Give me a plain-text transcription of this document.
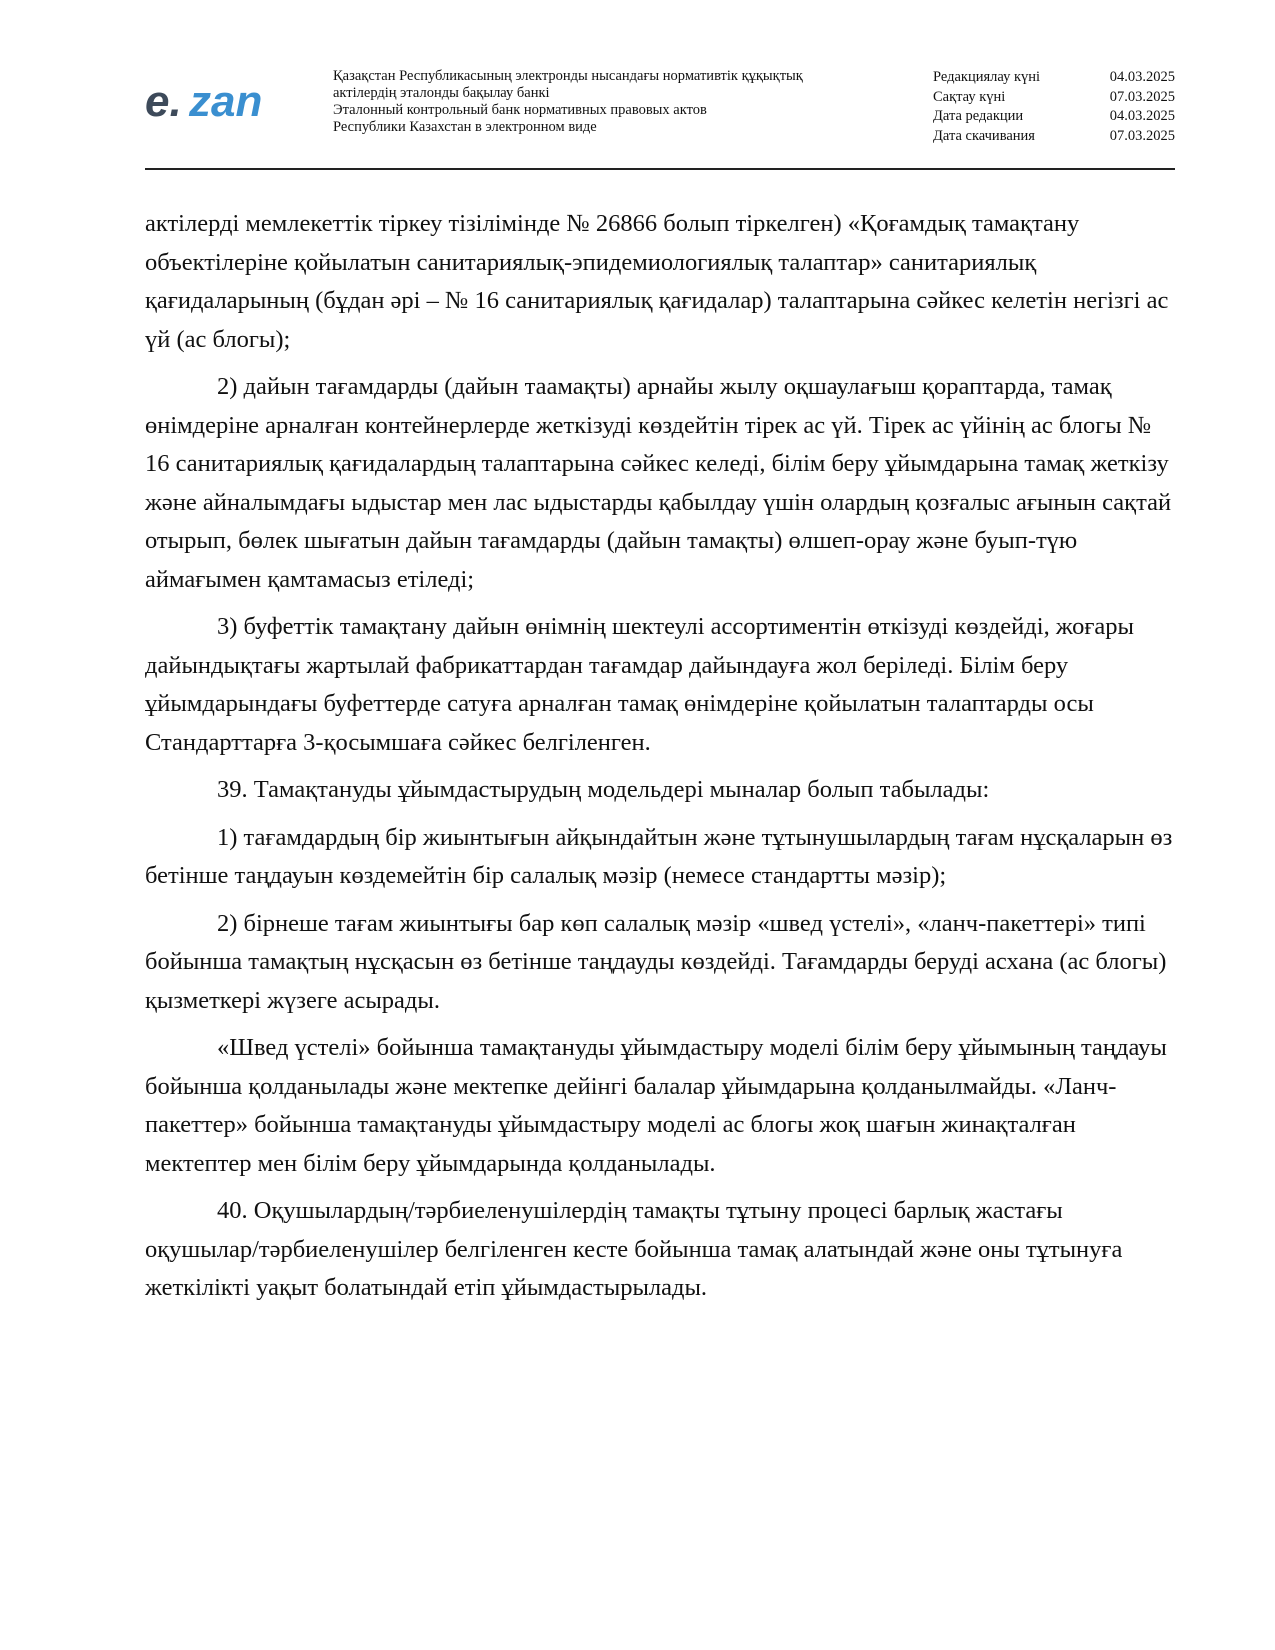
e. zan
Қазақстан Республикасының электронды нысандағы нормативтік құқықтық
актілердің эталонды бақылау банкі
Эталонный контрольный банк нормативных правовых актов
Республики Казахстан в электронном виде
Редакциялау күні	04.03.2025
Сақтау күні	07.03.2025
Дата редакции	04.03.2025
Дата скачивания	07.03.2025

актілерді мемлекеттік тіркеу тізілімінде № 26866 болып тіркелген) «Қоғамдық тамақтану объектілеріне қойылатын санитариялық-эпидемиологиялық талаптар» санитариялық қағидаларының (бұдан әрі – № 16 санитариялық қағидалар) талаптарына сәйкес келетін негізгі ас үй (ас блогы);

2) дайын тағамдарды (дайын таамақты) арнайы жылу оқшаулағыш қораптарда, тамақ өнімдеріне арналған контейнерлерде жеткізуді көздейтін тірек ас үй. Тірек ас үйінің ас блогы № 16 санитариялық қағидалардың талаптарына сәйкес келеді, білім беру ұйымдарына тамақ жеткізу және айналымдағы ыдыстар мен лас ыдыстарды қабылдау үшін олардың қозғалыс ағынын сақтай отырып, бөлек шығатын дайын тағамдарды (дайын тамақты) өлшеп-орау және буып-түю аймағымен қамтамасыз етіледі;

3) буфеттік тамақтану дайын өнімнің шектеулі ассортиментін өткізуді көздейді, жоғары дайындықтағы жартылай фабрикаттардан тағамдар дайындауға жол беріледі. Білім беру ұйымдарындағы буфеттерде сатуға арналған тамақ өнімдеріне қойылатын талаптарды осы Стандарттарға 3-қосымшаға сәйкес белгіленген.

39. Тамақтануды ұйымдастырудың модельдері мыналар болып табылады:

1) тағамдардың бір жиынтығын айқындайтын және тұтынушылардың тағам нұсқаларын өз бетінше таңдауын көздемейтін бір салалық мәзір (немесе стандартты мәзір);

2) бірнеше тағам жиынтығы бар көп салалық мәзір «швед үстелі», «ланч-пакеттері» типі бойынша тамақтың нұсқасын өз бетінше таңдауды көздейді. Тағамдарды беруді асхана (ас блогы) қызметкері жүзеге асырады.

«Швед үстелі» бойынша тамақтануды ұйымдастыру моделі білім беру ұйымының таңдауы бойынша қолданылады және мектепке дейінгі балалар ұйымдарына қолданылмайды. «Ланч-пакеттер» бойынша тамақтануды ұйымдастыру моделі ас блогы жоқ шағын жинақталған мектептер мен білім беру ұйымдарында қолданылады.

40. Оқушылардың/тәрбиеленушілердің тамақты тұтыну процесі барлық жастағы оқушылар/тәрбиеленушілер белгіленген кесте бойынша тамақ алатындай және оны тұтынуға жеткілікті уақыт болатындай етіп ұйымдастырылады.
